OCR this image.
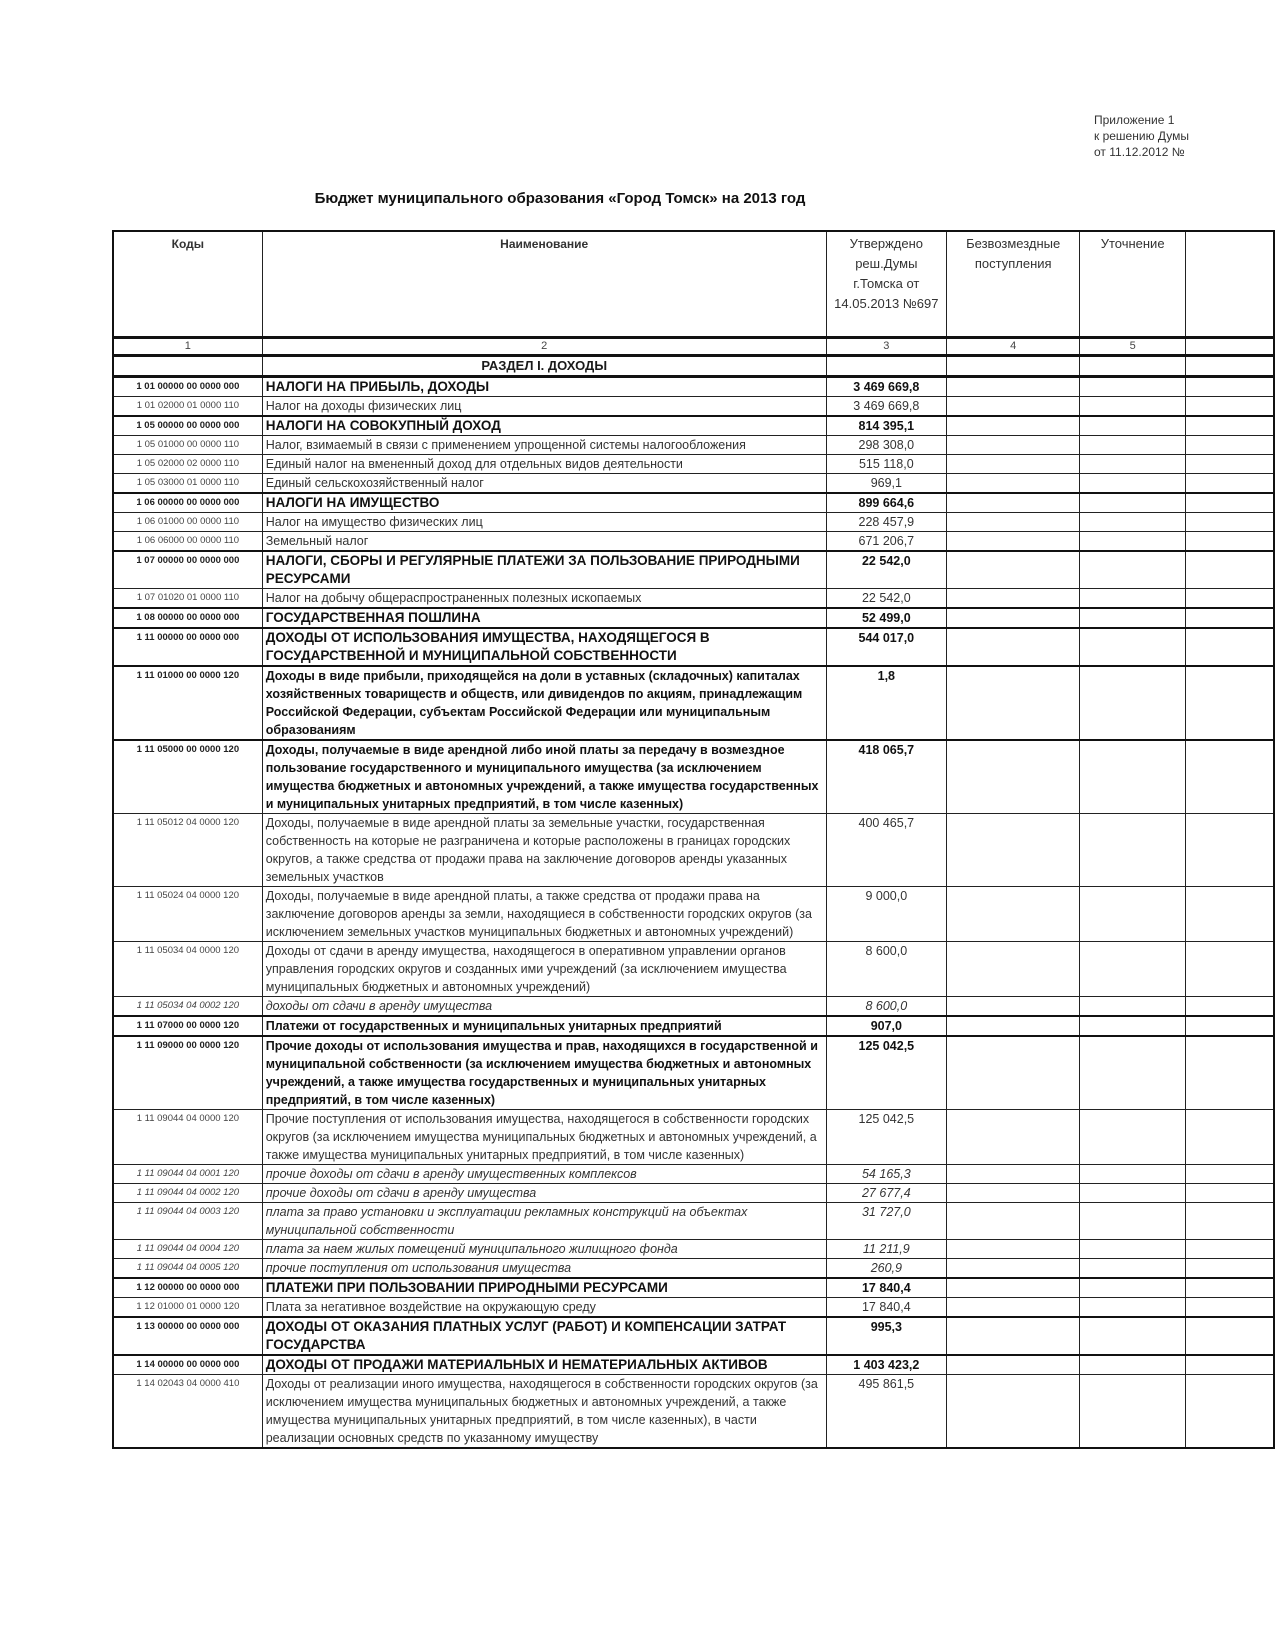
Приложение 1
к решению Думы
от 11.12.2012 №
Бюджет муниципального образования «Город Томск» на 2013 год
Коды	Наименование	Утверждено реш.Думы г.Томска от 14.05.2013 №697	Безвозмездные поступления	Уточнение	
1	2	3	4	5	
	РАЗДЕЛ I. ДОХОДЫ				
1 01 00000 00 0000 000	НАЛОГИ НА ПРИБЫЛЬ, ДОХОДЫ	3 469 669,8			
1 01 02000 01 0000 110	Налог на доходы физических лиц	3 469 669,8			
1 05 00000 00 0000 000	НАЛОГИ НА СОВОКУПНЫЙ ДОХОД	814 395,1			
1 05 01000 00 0000 110	Налог, взимаемый в связи с применением упрощенной системы налогообложения	298 308,0			
1 05 02000 02 0000 110	Единый налог на вмененный доход для отдельных видов деятельности	515 118,0			
1 05 03000 01 0000 110	Единый сельскохозяйственный налог	969,1			
1 06 00000 00 0000 000	НАЛОГИ НА ИМУЩЕСТВО	899 664,6			
1 06 01000 00 0000 110	Налог на имущество физических лиц	228 457,9			
1 06 06000 00 0000 110	Земельный налог	671 206,7			
1 07 00000 00 0000 000	НАЛОГИ, СБОРЫ И РЕГУЛЯРНЫЕ ПЛАТЕЖИ ЗА ПОЛЬЗОВАНИЕ ПРИРОДНЫМИ РЕСУРСАМИ	22 542,0			
1 07 01020 01 0000 110	Налог на добычу общераспространенных полезных ископаемых	22 542,0			
1 08 00000 00 0000 000	ГОСУДАРСТВЕННАЯ ПОШЛИНА	52 499,0			
1 11 00000 00 0000 000	ДОХОДЫ ОТ ИСПОЛЬЗОВАНИЯ ИМУЩЕСТВА, НАХОДЯЩЕГОСЯ В ГОСУДАРСТВЕННОЙ И МУНИЦИПАЛЬНОЙ СОБСТВЕННОСТИ	544 017,0			
1 11 01000 00 0000 120	Доходы в виде прибыли, приходящейся на доли в уставных (складочных) капиталах хозяйственных товариществ и обществ, или дивидендов по акциям, принадлежащим Российской Федерации, субъектам Российской Федерации или муниципальным образованиям	1,8			
1 11 05000 00 0000 120	Доходы, получаемые в виде арендной либо иной платы за передачу в возмездное пользование государственного и муниципального имущества (за исключением имущества бюджетных и автономных учреждений, а также имущества государственных и муниципальных унитарных предприятий, в том числе казенных)	418 065,7			
1 11 05012 04 0000 120	Доходы, получаемые в виде арендной платы за земельные участки, государственная собственность на которые не разграничена и которые расположены в границах городских округов, а также средства от продажи права на заключение договоров аренды указанных земельных участков	400 465,7			
1 11 05024 04 0000 120	Доходы, получаемые в виде арендной платы, а также средства от продажи права на заключение договоров аренды за земли, находящиеся в собственности городских округов (за исключением земельных участков муниципальных бюджетных и автономных учреждений)	9 000,0			
1 11 05034 04 0000 120	Доходы от сдачи в аренду имущества, находящегося в оперативном управлении органов управления городских округов и созданных ими учреждений (за исключением имущества муниципальных бюджетных и автономных учреждений)	8 600,0			
1 11 05034 04 0002 120	доходы от сдачи в аренду имущества	8 600,0			
1 11 07000 00 0000 120	Платежи от государственных и муниципальных унитарных предприятий	907,0			
1 11 09000 00 0000 120	Прочие доходы от использования имущества и прав, находящихся в государственной и муниципальной собственности (за исключением имущества бюджетных и автономных учреждений, а также имущества государственных и муниципальных унитарных предприятий, в том числе казенных)	125 042,5			
1 11 09044 04 0000 120	Прочие поступления от использования имущества, находящегося в собственности городских округов (за исключением имущества муниципальных бюджетных и автономных учреждений, а также имущества муниципальных унитарных предприятий, в том числе казенных)	125 042,5			
1 11 09044 04 0001 120	прочие доходы от сдачи в аренду имущественных комплексов	54 165,3			
1 11 09044 04 0002 120	прочие доходы от сдачи в аренду имущества	27 677,4			
1 11 09044 04 0003 120	плата за право установки и эксплуатации рекламных конструкций на объектах муниципальной собственности	31 727,0			
1 11 09044 04 0004 120	плата за наем жилых помещений муниципального жилищного фонда	11 211,9			
1 11 09044 04 0005 120	прочие поступления от использования имущества	260,9			
1 12 00000 00 0000 000	ПЛАТЕЖИ ПРИ ПОЛЬЗОВАНИИ ПРИРОДНЫМИ РЕСУРСАМИ	17 840,4			
1 12 01000 01 0000 120	Плата за негативное воздействие на окружающую среду	17 840,4			
1 13 00000 00 0000 000	ДОХОДЫ ОТ ОКАЗАНИЯ ПЛАТНЫХ УСЛУГ (РАБОТ) И КОМПЕНСАЦИИ ЗАТРАТ ГОСУДАРСТВА	995,3			
1 14 00000 00 0000 000	ДОХОДЫ ОТ ПРОДАЖИ МАТЕРИАЛЬНЫХ И НЕМАТЕРИАЛЬНЫХ АКТИВОВ	1 403 423,2			
1 14 02043 04 0000 410	Доходы от реализации иного имущества, находящегося в собственности городских округов (за исключением имущества муниципальных бюджетных и автономных учреждений, а также имущества муниципальных унитарных предприятий, в том числе казенных), в части реализации основных средств по указанному имуществу	495 861,5			
